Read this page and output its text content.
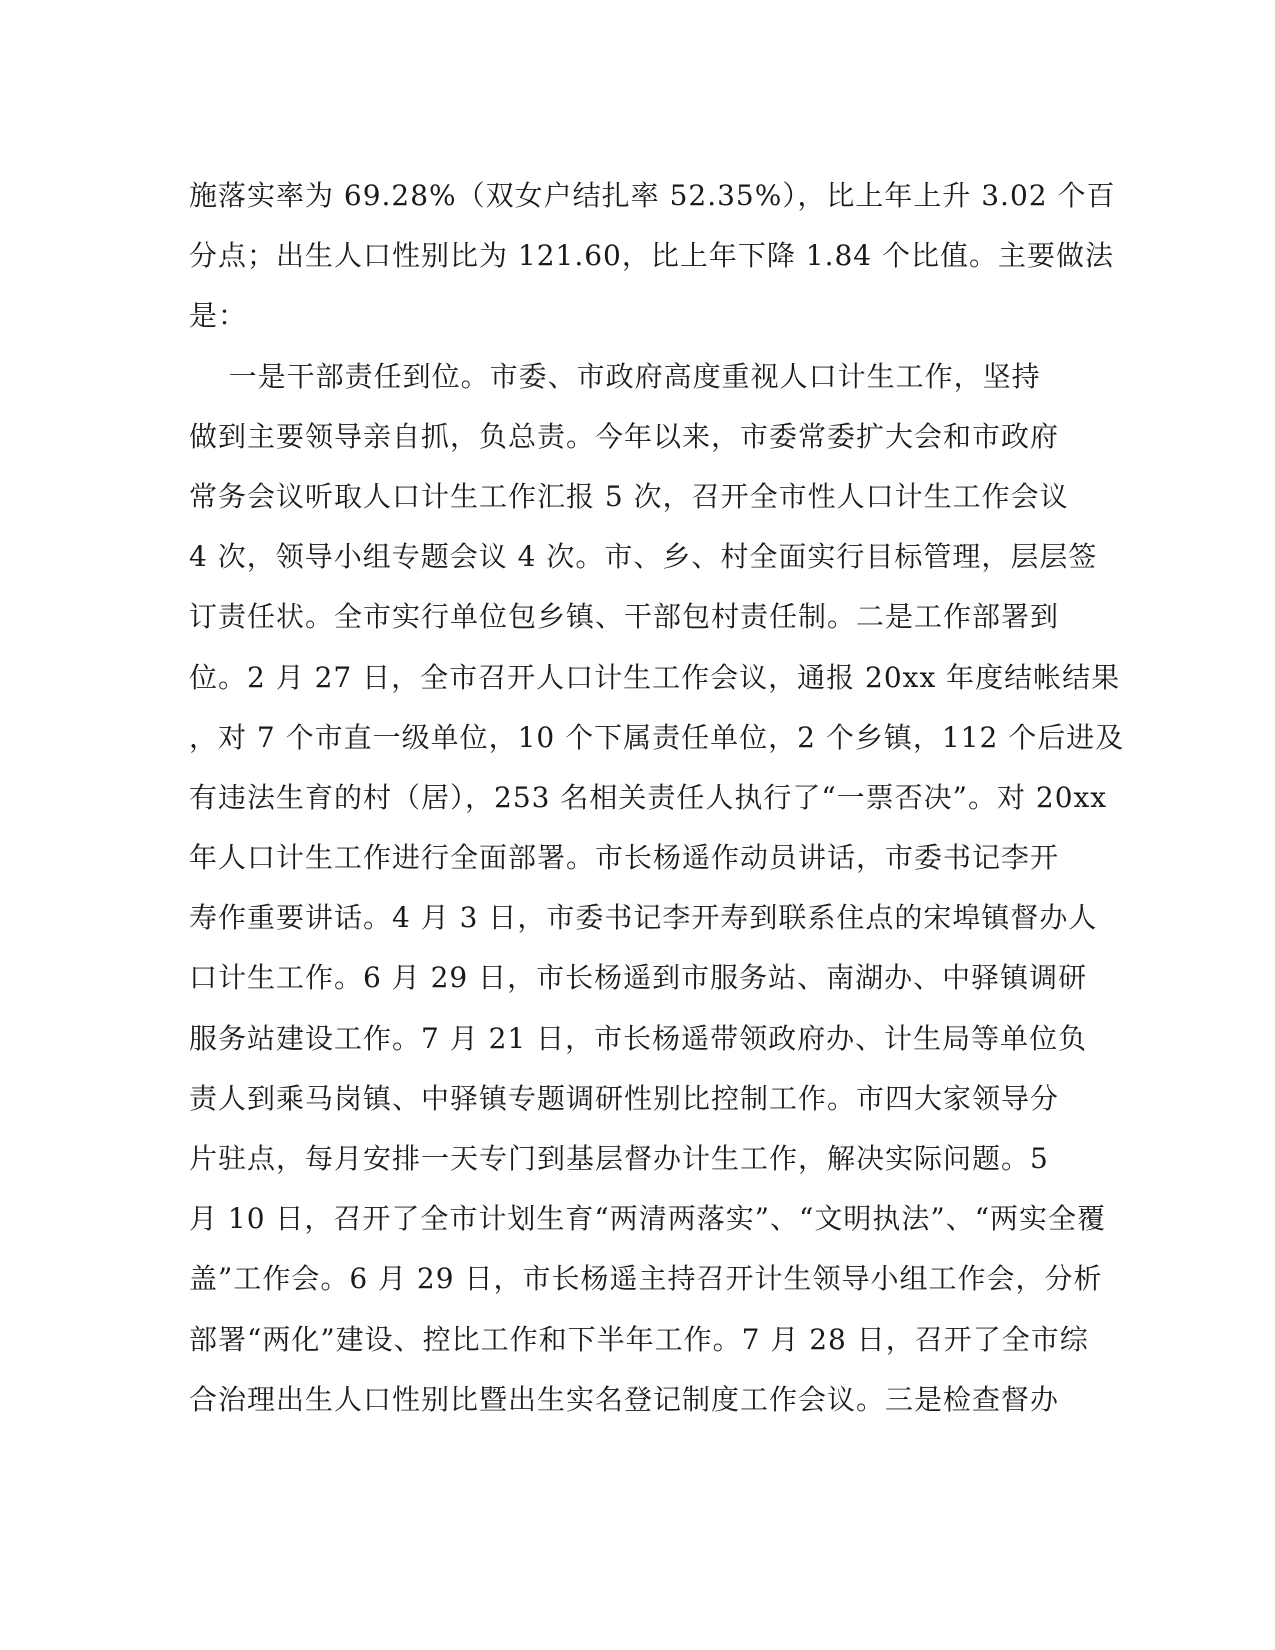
施落实率为 69.28%（双女户结扎率 52.35%），比上年上升 3.02 个百
分点；出生人口性别比为 121.60，比上年下降 1.84 个比值。主要做法
是：
一是干部责任到位。市委、市政府高度重视人口计生工作，坚持
做到主要领导亲自抓，负总责。今年以来，市委常委扩大会和市政府
常务会议听取人口计生工作汇报 5 次，召开全市性人口计生工作会议
4 次，领导小组专题会议 4 次。市、乡、村全面实行目标管理，层层签
订责任状。全市实行单位包乡镇、干部包村责任制。二是工作部署到
位。2 月 27 日，全市召开人口计生工作会议，通报 20xx 年度结帐结果
，对 7 个市直一级单位，10 个下属责任单位，2 个乡镇，112 个后进及
有违法生育的村（居），253 名相关责任人执行了“一票否决”。对 20xx
年人口计生工作进行全面部署。市长杨遥作动员讲话，市委书记李开
寿作重要讲话。4 月 3 日，市委书记李开寿到联系住点的宋埠镇督办人
口计生工作。6 月 29 日，市长杨遥到市服务站、南湖办、中驿镇调研
服务站建设工作。7 月 21 日，市长杨遥带领政府办、计生局等单位负
责人到乘马岗镇、中驿镇专题调研性别比控制工作。市四大家领导分
片驻点，每月安排一天专门到基层督办计生工作，解决实际问题。5
月 10 日，召开了全市计划生育“两清两落实”、“文明执法”、“两实全覆
盖”工作会。6 月 29 日，市长杨遥主持召开计生领导小组工作会，分析
部署“两化”建设、控比工作和下半年工作。7 月 28 日，召开了全市综
合治理出生人口性别比暨出生实名登记制度工作会议。三是检查督办
